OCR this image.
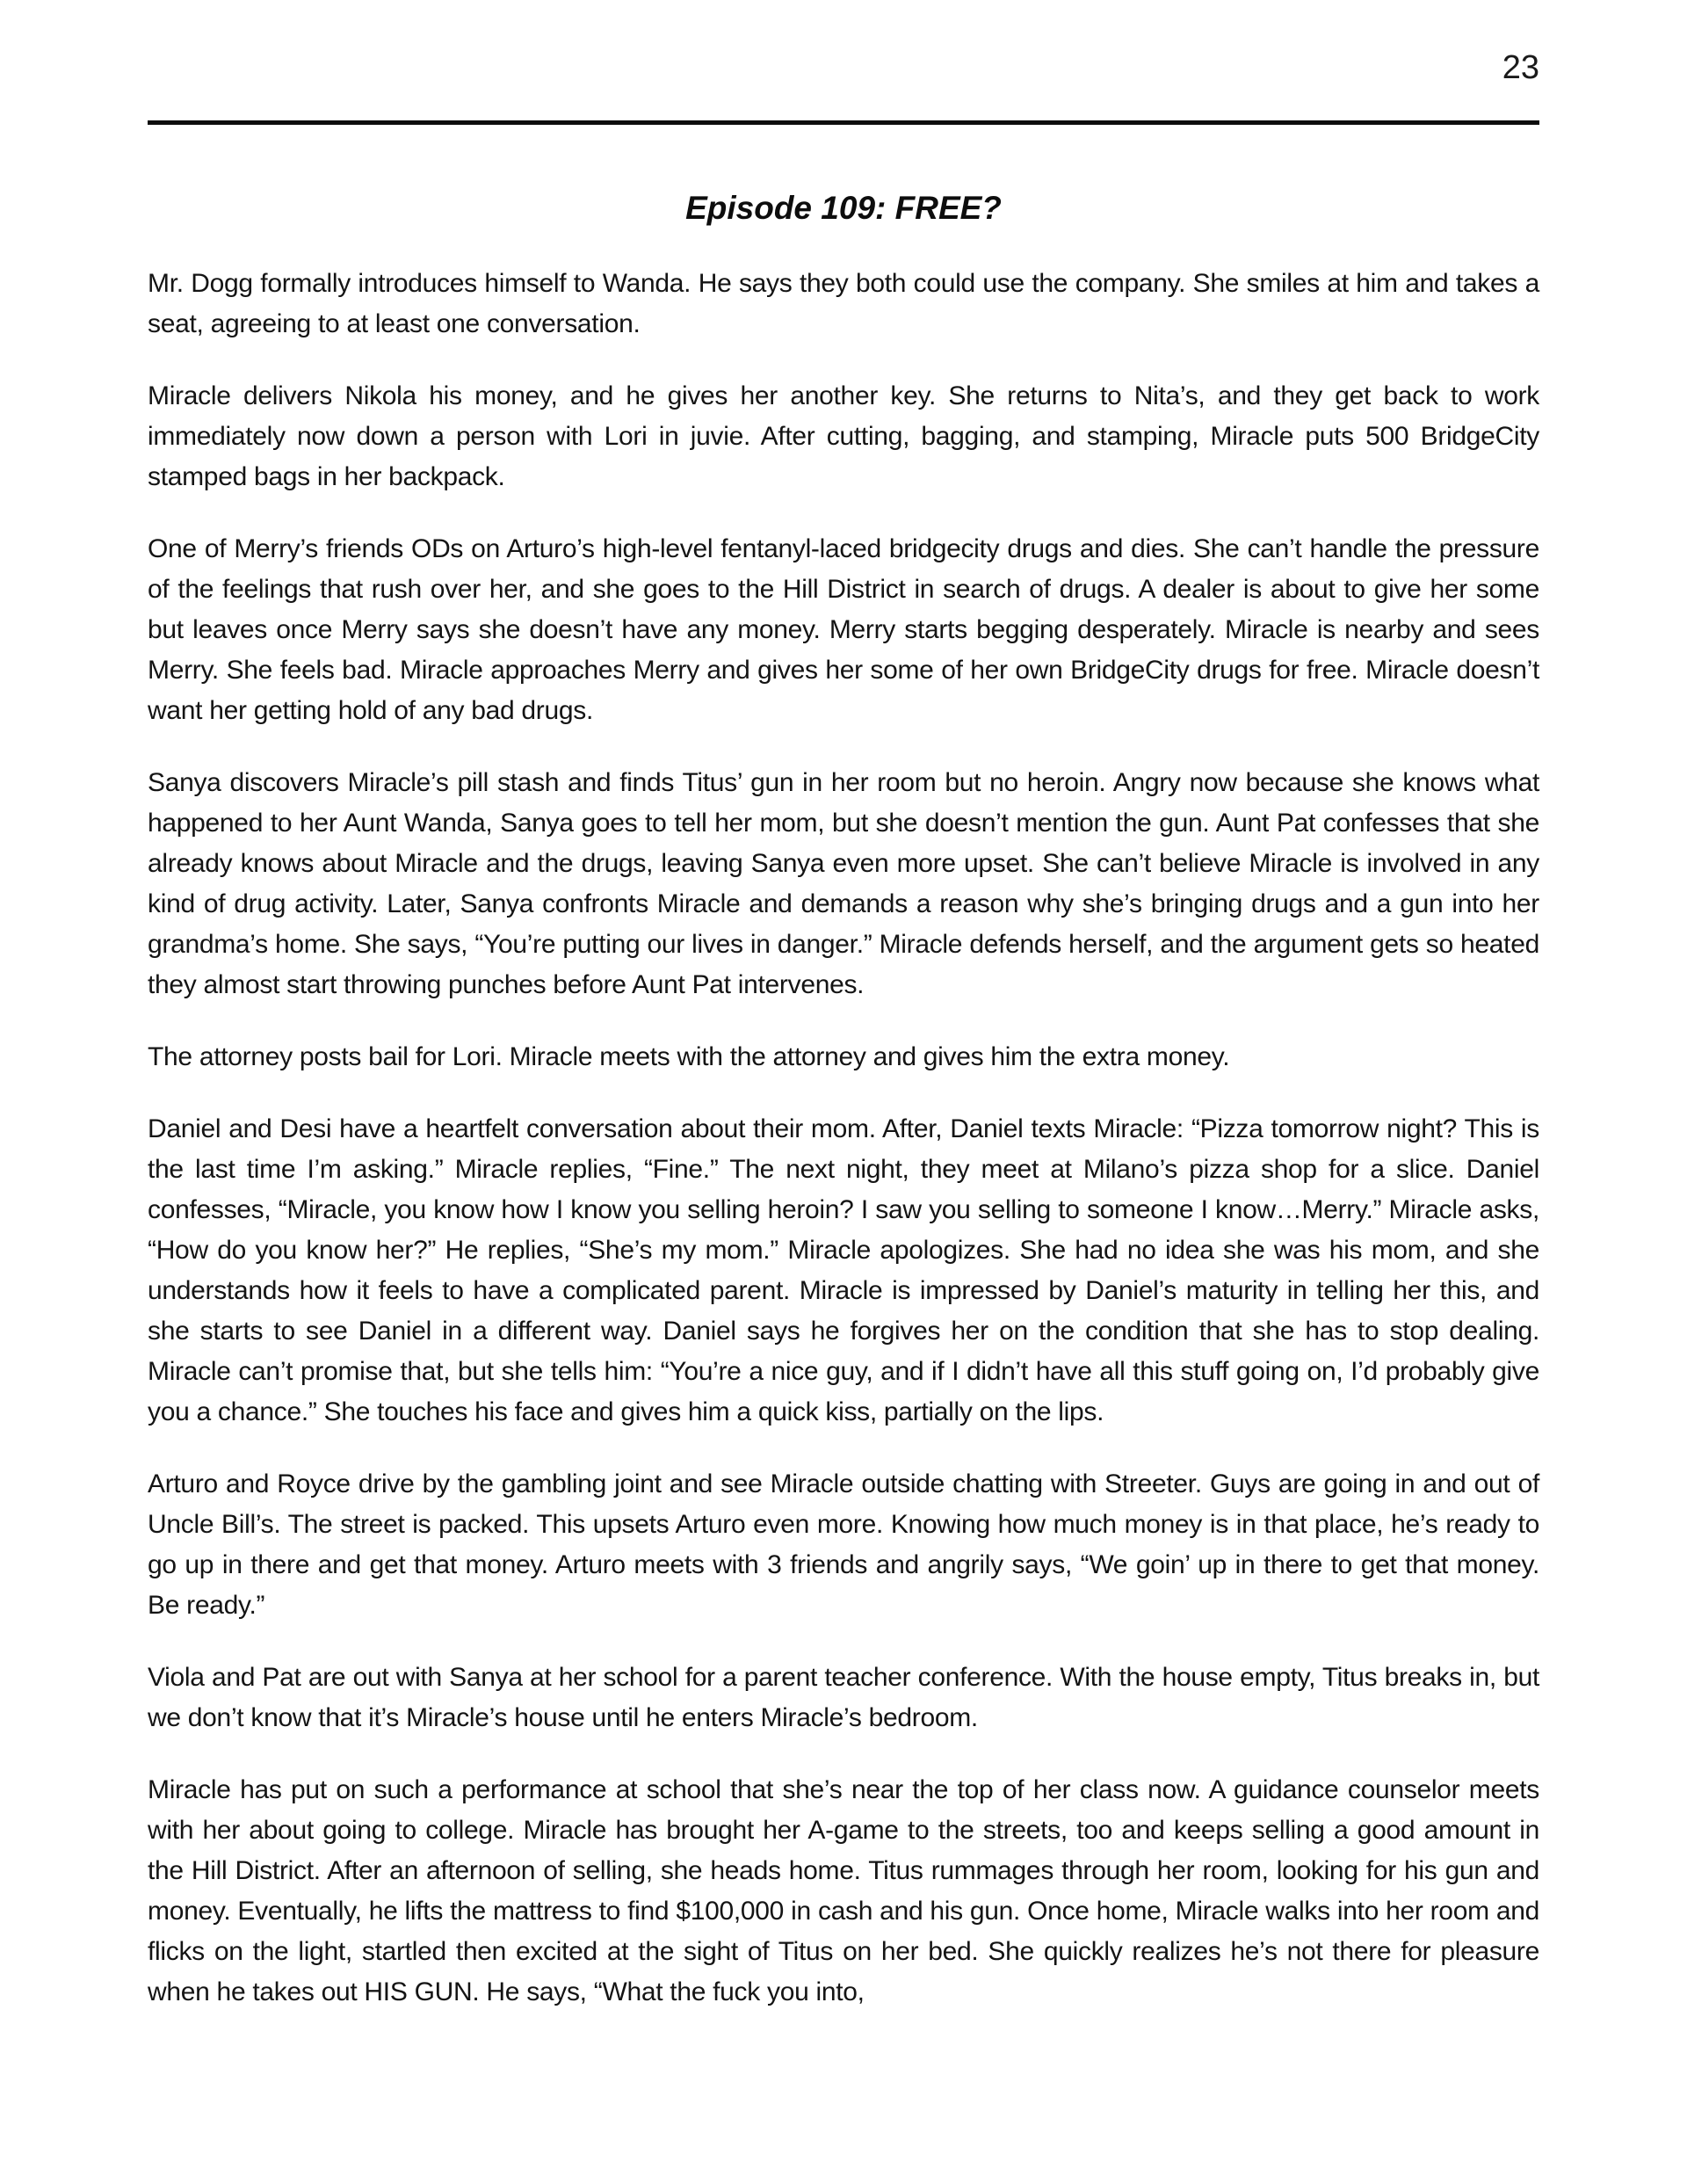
23
Episode 109: FREE?

Mr. Dogg formally introduces himself to Wanda. He says they both could use the company. She smiles at him and takes a seat, agreeing to at least one conversation.

Miracle delivers Nikola his money, and he gives her another key. She returns to Nita’s, and they get back to work immediately now down a person with Lori in juvie. After cutting, bagging, and stamping, Miracle puts 500 BridgeCity stamped bags in her backpack.

One of Merry’s friends ODs on Arturo’s high-level fentanyl-laced bridgecity drugs and dies. She can’t handle the pressure of the feelings that rush over her, and she goes to the Hill District in search of drugs. A dealer is about to give her some but leaves once Merry says she doesn’t have any money. Merry starts begging desperately. Miracle is nearby and sees Merry. She feels bad. Miracle approaches Merry and gives her some of her own BridgeCity drugs for free. Miracle doesn’t want her getting hold of any bad drugs.

Sanya discovers Miracle’s pill stash and finds Titus’ gun in her room but no heroin. Angry now because she knows what happened to her Aunt Wanda, Sanya goes to tell her mom, but she doesn’t mention the gun. Aunt Pat confesses that she already knows about Miracle and the drugs, leaving Sanya even more upset. She can’t believe Miracle is involved in any kind of drug activity. Later, Sanya confronts Miracle and demands a reason why she’s bringing drugs and a gun into her grandma’s home. She says, “You’re putting our lives in danger.” Miracle defends herself, and the argument gets so heated they almost start throwing punches before Aunt Pat intervenes.

The attorney posts bail for Lori. Miracle meets with the attorney and gives him the extra money.

Daniel and Desi have a heartfelt conversation about their mom. After, Daniel texts Miracle: “Pizza tomorrow night? This is the last time I’m asking.” Miracle replies, “Fine.” The next night, they meet at Milano’s pizza shop for a slice. Daniel confesses, “Miracle, you know how I know you selling heroin? I saw you selling to someone I know…Merry.” Miracle asks, “How do you know her?” He replies, “She’s my mom.” Miracle apologizes. She had no idea she was his mom, and she understands how it feels to have a complicated parent. Miracle is impressed by Daniel’s maturity in telling her this, and she starts to see Daniel in a different way. Daniel says he forgives her on the condition that she has to stop dealing. Miracle can’t promise that, but she tells him: “You’re a nice guy, and if I didn’t have all this stuff going on, I’d probably give you a chance.” She touches his face and gives him a quick kiss, partially on the lips.

Arturo and Royce drive by the gambling joint and see Miracle outside chatting with Streeter. Guys are going in and out of Uncle Bill’s. The street is packed. This upsets Arturo even more. Knowing how much money is in that place, he’s ready to go up in there and get that money. Arturo meets with 3 friends and angrily says, “We goin’ up in there to get that money. Be ready.”

Viola and Pat are out with Sanya at her school for a parent teacher conference. With the house empty, Titus breaks in, but we don’t know that it’s Miracle’s house until he enters Miracle’s bedroom.

Miracle has put on such a performance at school that she’s near the top of her class now. A guidance counselor meets with her about going to college. Miracle has brought her A-game to the streets, too and keeps selling a good amount in the Hill District. After an afternoon of selling, she heads home. Titus rummages through her room, looking for his gun and money. Eventually, he lifts the mattress to find $100,000 in cash and his gun. Once home, Miracle walks into her room and flicks on the light, startled then excited at the sight of Titus on her bed. She quickly realizes he’s not there for pleasure when he takes out HIS GUN. He says, “What the fuck you into,
